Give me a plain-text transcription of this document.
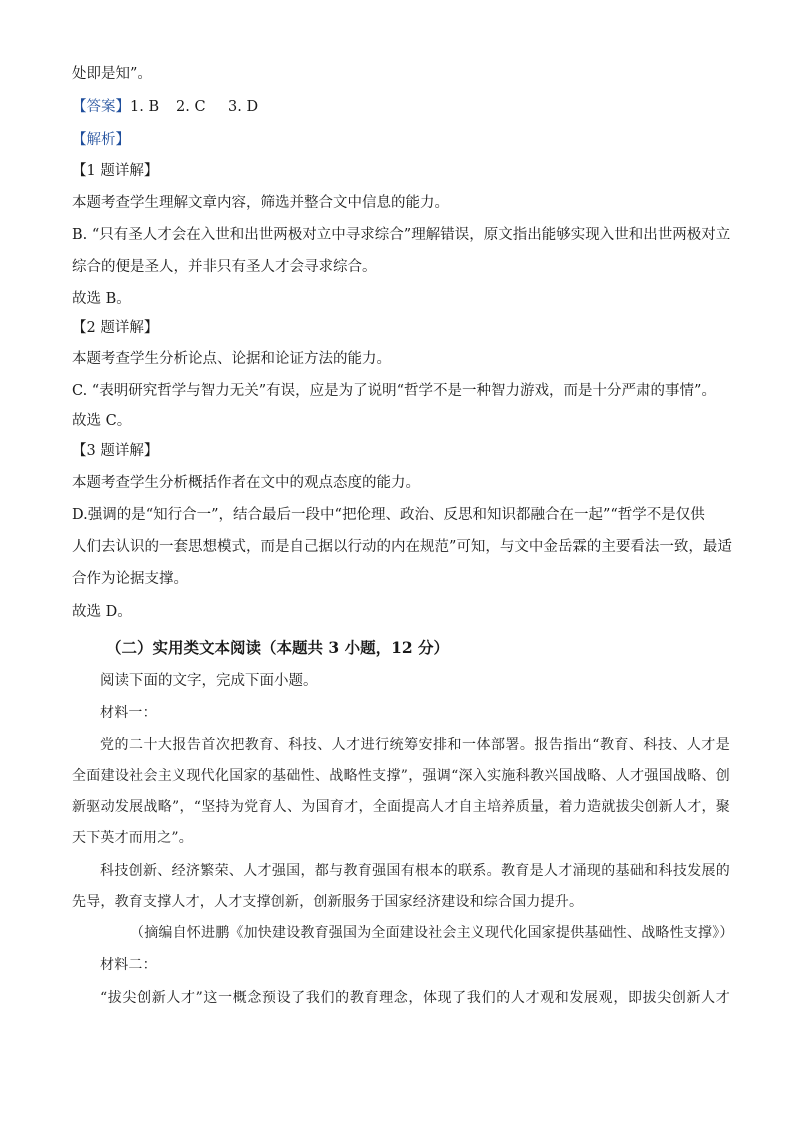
处即是知”。

【答案】1. B 2. C 3. D

【解析】

【1 题详解】

本题考查学生理解文章内容，筛选并整合文中信息的能力。

B. “只有圣人才会在入世和出世两极对立中寻求综合”理解错误，原文指出能够实现入世和出世两极对立

综合的便是圣人，并非只有圣人才会寻求综合。

故选 B。

【2 题详解】

本题考查学生分析论点、论据和论证方法的能力。

C. “表明研究哲学与智力无关”有误，应是为了说明“哲学不是一种智力游戏，而是十分严肃的事情”。

故选 C。

【3 题详解】

本题考查学生分析概括作者在文中的观点态度的能力。

D.强调的是“知行合一”，结合最后一段中“把伦理、政治、反思和知识都融合在一起”“哲学不是仅供

人们去认识的一套思想模式，而是自己据以行动的内在规范”可知，与文中金岳霖的主要看法一致，最适

合作为论据支撑。

故选 D。

（二）实用类文本阅读（本题共 3 小题，12 分）

阅读下面的文字，完成下面小题。

材料一：

党的二十大报告首次把教育、科技、人才进行统筹安排和一体部署。报告指出“教育、科技、人才是

全面建设社会主义现代化国家的基础性、战略性支撑”，强调“深入实施科教兴国战略、人才强国战略、创

新驱动发展战略”，“坚持为党育人、为国育才，全面提高人才自主培养质量，着力造就拔尖创新人才，聚

天下英才而用之”。

科技创新、经济繁荣、人才强国，都与教育强国有根本的联系。教育是人才涌现的基础和科技发展的

先导，教育支撑人才，人才支撑创新，创新服务于国家经济建设和综合国力提升。

（摘编自怀进鹏《加快建设教育强国为全面建设社会主义现代化国家提供基础性、战略性支撑》）

材料二：

“拔尖创新人才”这一概念预设了我们的教育理念，体现了我们的人才观和发展观，即拔尖创新人才
